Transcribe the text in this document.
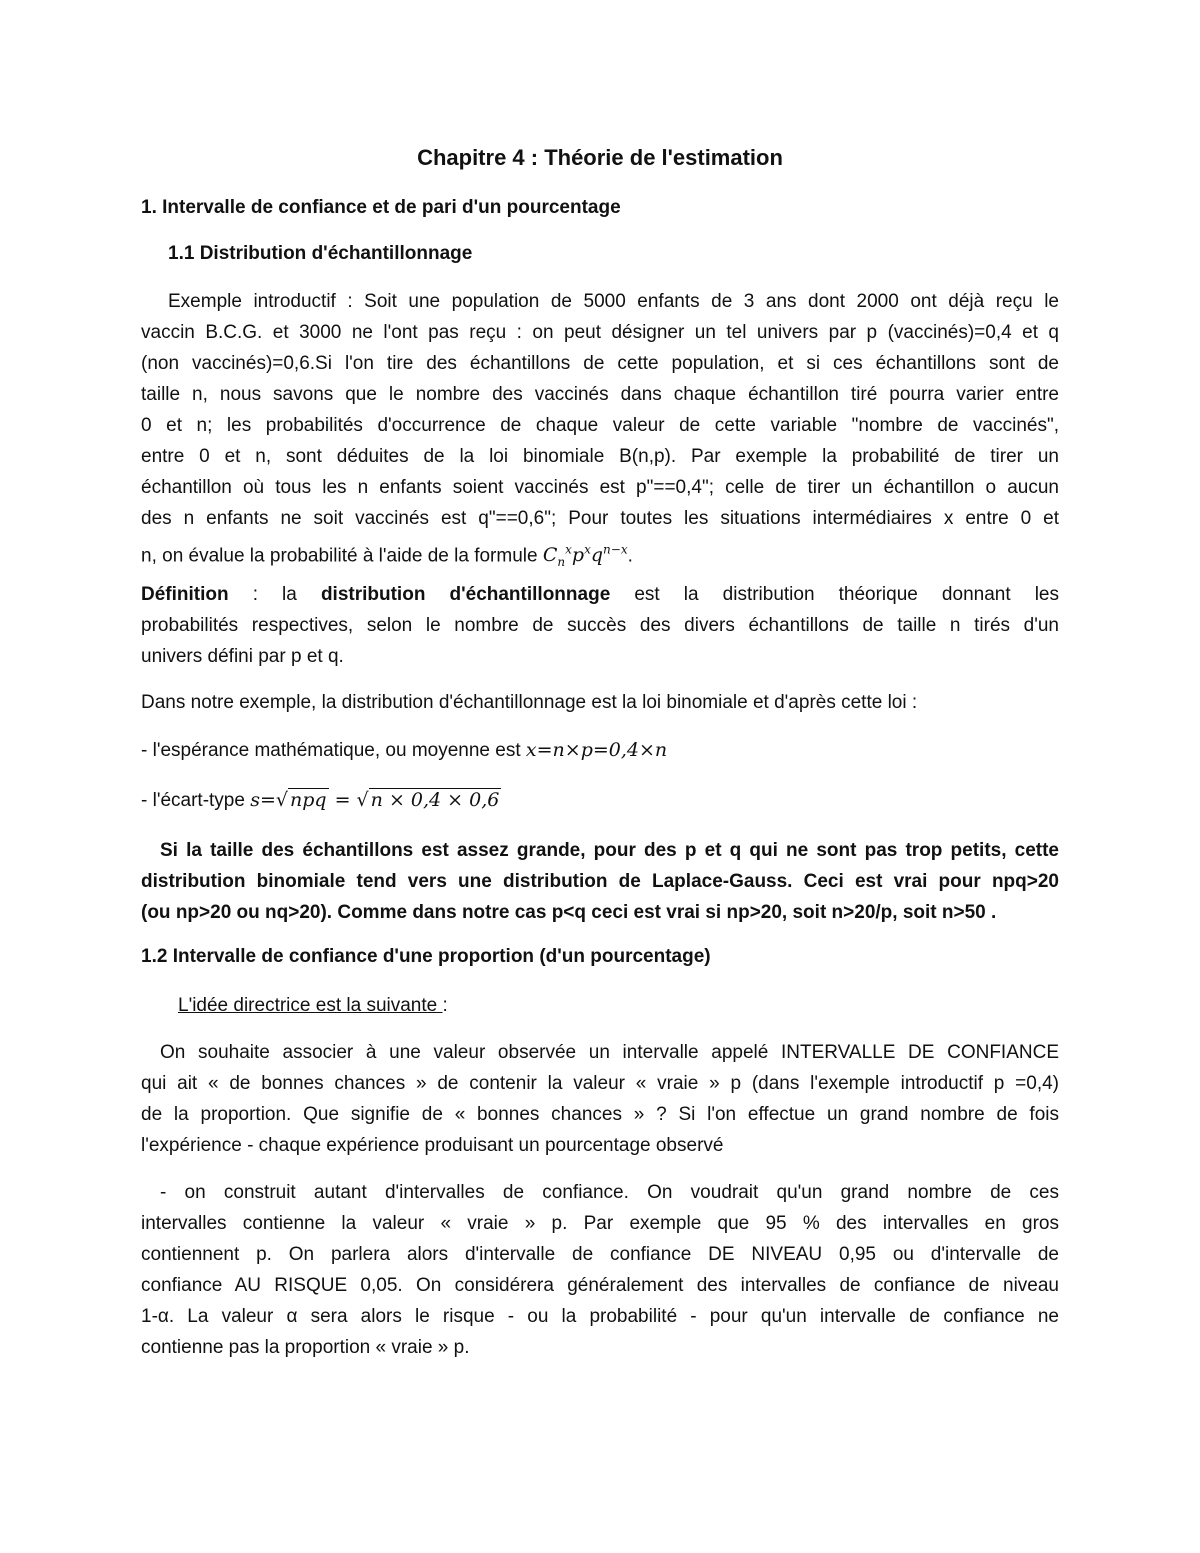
Chapitre 4 : Théorie de l'estimation
1. Intervalle de confiance et de pari d'un pourcentage
1.1 Distribution d'échantillonnage
Exemple introductif : Soit une population de 5000 enfants de 3 ans dont 2000 ont déjà reçu le
vaccin B.C.G. et 3000 ne l'ont pas reçu : on peut désigner un tel univers par p (vaccinés)=0,4 et q
(non vaccinés)=0,6.Si l'on tire des échantillons de cette population, et si ces échantillons sont de
taille n, nous savons que le nombre des vaccinés dans chaque échantillon tiré pourra varier entre
0 et n; les probabilités d'occurrence de chaque valeur de cette variable "nombre de vaccinés",
entre 0 et n, sont déduites de la loi binomiale B(n,p). Par exemple la probabilité de tirer un
échantillon où tous les n enfants soient vaccinés est p"==0,4"; celle de tirer un échantillon o aucun
des n enfants ne soit vaccinés est q"==0,6"; Pour toutes les situations intermédiaires x entre 0 et
n, on évalue la probabilité à l'aide de la formule $C_n^xp^xq^{n-x}$.
Définition : la distribution d'échantillonnage est la distribution théorique donnant les
probabilités respectives, selon le nombre de succès des divers échantillons de taille n tirés d'un
univers défini par p et q.
Dans notre exemple, la distribution d'échantillonnage est la loi binomiale et d'après cette loi :
- l'espérance mathématique, ou moyenne est x=n×p=0,4×n
- l'écart-type s=√ npq = √ n × 0,4 × 0,6
Si la taille des échantillons est assez grande, pour des p et q qui ne sont pas trop petits, cette
distribution binomiale tend vers une distribution de Laplace-Gauss. Ceci est vrai pour npq>20
(ou np>20 ou nq>20). Comme dans notre cas p<q ceci est vrai si np>20, soit n>20/p, soit n>50 .
1.2 Intervalle de confiance d'une proportion (d'un pourcentage)
L'idée directrice est la suivante :
On souhaite associer à une valeur observée un intervalle appelé INTERVALLE DE CONFIANCE
qui ait « de bonnes chances » de contenir la valeur « vraie » p (dans l'exemple introductif p =0,4)
de la proportion. Que signifie de « bonnes chances » ? Si l'on effectue un grand nombre de fois
l'expérience - chaque expérience produisant un pourcentage observé
- on construit autant d'intervalles de confiance. On voudrait qu'un grand nombre de ces
intervalles contienne la valeur « vraie » p. Par exemple que 95 % des intervalles en gros
contiennent p. On parlera alors d'intervalle de confiance DE NIVEAU 0,95 ou d'intervalle de
confiance AU RISQUE 0,05. On considérera généralement des intervalles de confiance de niveau
1-α. La valeur α sera alors le risque - ou la probabilité - pour qu'un intervalle de confiance ne
contienne pas la proportion « vraie » p.
